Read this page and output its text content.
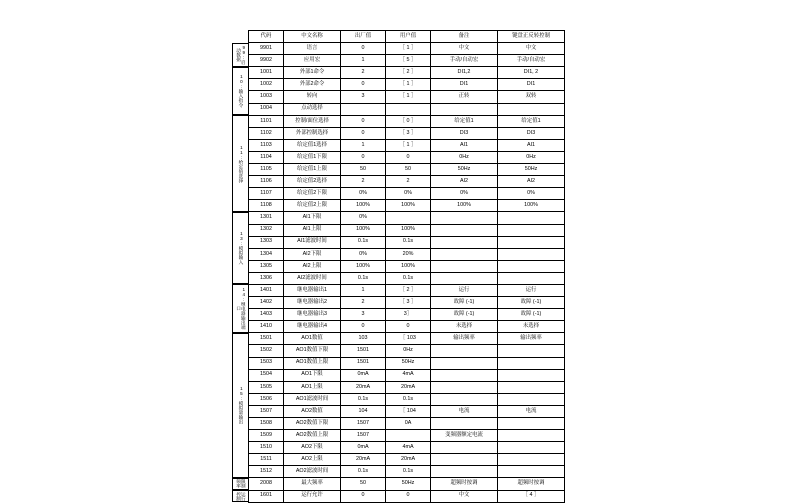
99:启动数据
10:输入指令
11:给定值选择
13:模拟输入
14:继电器输出端口
15:模拟量输出
限制频率
运行控制
代码	中文名称	出厂值	用户值	备注	键盘正反转控制
9901	语言	0	［ 1 ］	中文	中文
9902	应用宏	1	［ 5 ］	手动/自动宏	手动/自动宏
1001	外部1命令	2	［ 2 ］	DI1,2	DI1, 2
1002	外部2命令	0	［ 1 ］	DI1	DI1
1003	转向	3	［ 1 ］	正转	双转
1004	点动选择				
1101	控制/面位选择	0	［ 0 ］	给定值1	给定值1
1102	外部控制选择	0	［ 3 ］	DI3	DI3
1103	给定值1选择	1	［ 1 ］	AI1	AI1
1104	给定值1下限	0	0	0Hz	0Hz
1105	给定值1上限	50	50	50Hz	50Hz
1106	给定值2选择	2	2	AI2	AI2
1107	给定值2下限	0%	0%	0%	0%
1108	给定值2上限	100%	100%	100%	100%
1301	AI1下限	0%			
1302	AI1上限	100%	100%		
1303	AI1滤波时间	0.1s	0.1s		
1304	AI2下限	0%	20%		
1305	AI2上限	100%	100%		
1306	AI2滤波时间	0.1s	0.1s		
1401	继电器输出1	1	［ 2 ］	运行	运行
1402	继电器输出2	2	［ 3 ］	故障 (-1)	故障 (-1)
1403	继电器输出3	3	3］	故障 (-1)	故障 (-1)
1410	继电器输出4	0	0	未选择	未选择
1501	AO1数值	103	［ 103	输出频率	输出频率
1502	AO1数值下限	1501	0Hz		
1503	AO1数值上限	1501	50Hz		
1504	AO1下限	0mA	4mA		
1505	AO1上限	20mA	20mA		
1506	AO1滤波时间	0.1s	0.1s		
1507	AO2数值	104	［ 104	电流	电流
1508	AO2数值下限	1507	0A		
1509	AO2数值上限	1507		变频器额定电流	
1510	AO2下限	0mA	4mA		
1511	AO2上限	20mA	20mA		
1512	AO2滤波时间	0.1s	0.1s		
2008	最大频率	50	50Hz	超频时按调	超频时按调
1601	运行允许	0	0	中文	［ 4 ］
